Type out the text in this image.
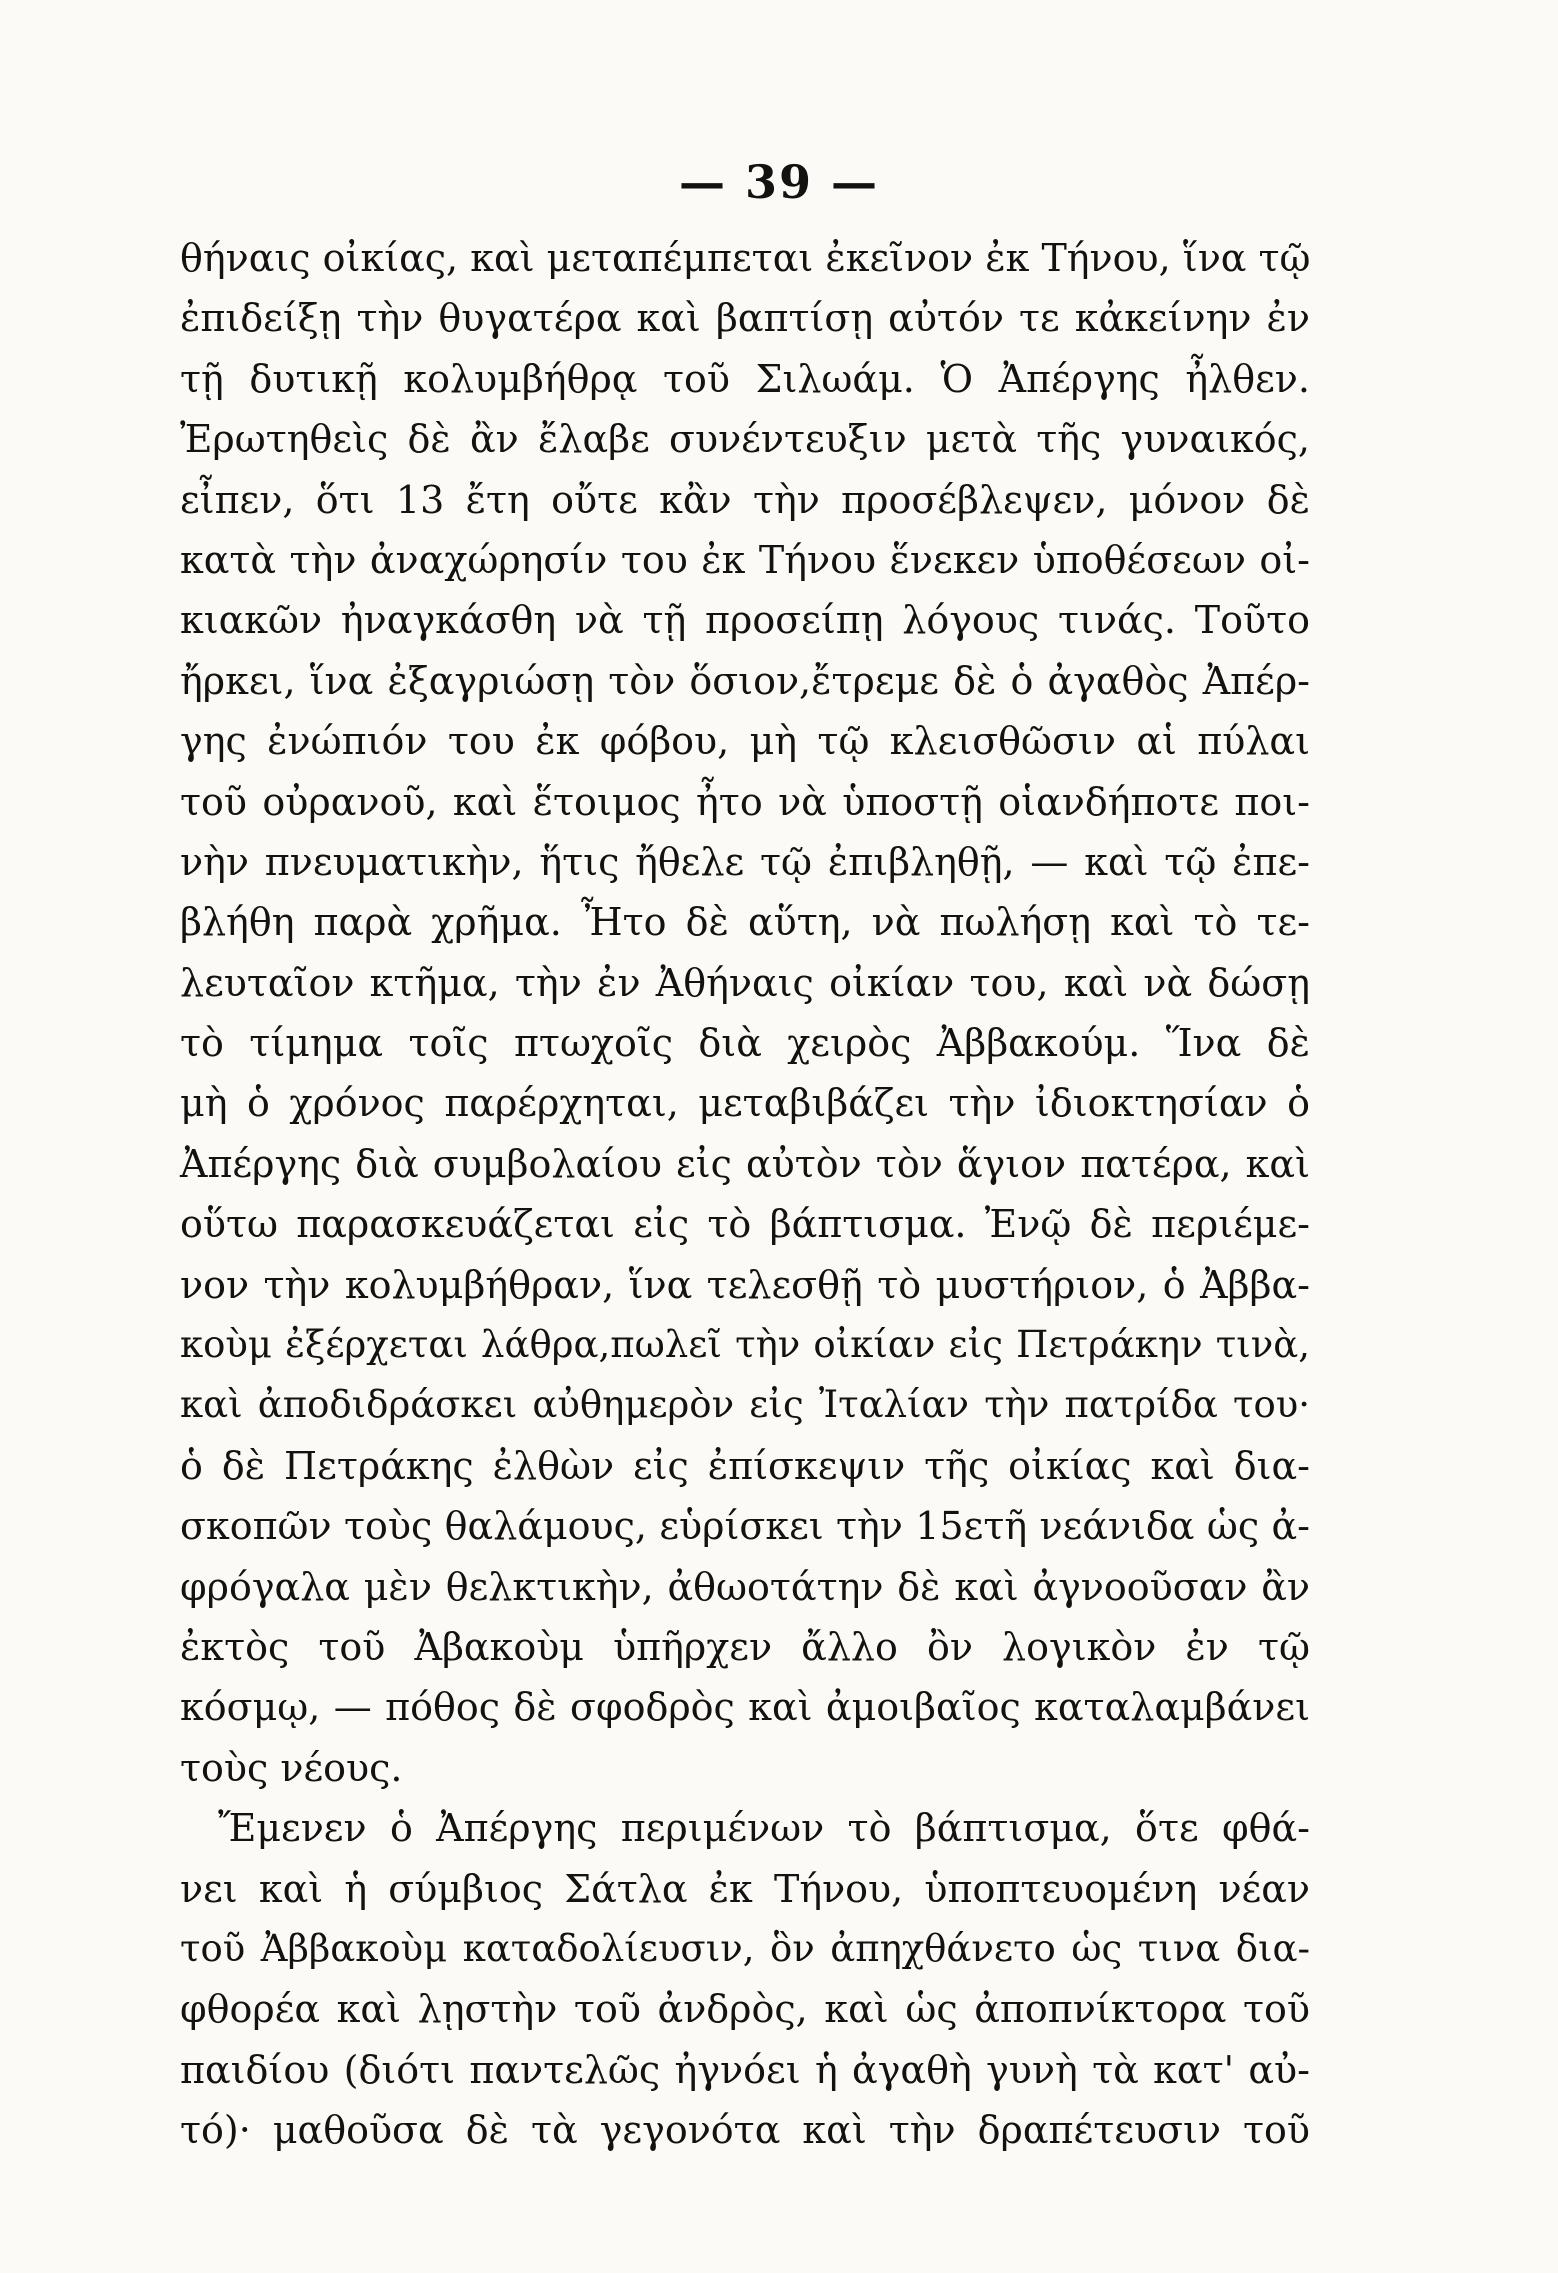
— 39 —
θήναις οἰκίας, καὶ μεταπέμπεται ἐκεῖνον ἐκ Τήνου, ἵνα τῷ
ἐπιδείξῃ τὴν θυγατέρα καὶ βαπτίσῃ αὐτόν τε κἀκείνην ἐν
τῇ δυτικῇ κολυμβήθρᾳ τοῦ Σιλωάμ. Ὁ Ἀπέργης ἦλθεν.
Ἐρωτηθεὶς δὲ ἂν ἔλαβε συνέντευξιν μετὰ τῆς γυναικός,
εἶπεν, ὅτι 13 ἔτη οὔτε κἂν τὴν προσέβλεψεν, μόνον δὲ
κατὰ τὴν ἀναχώρησίν του ἐκ Τήνου ἕνεκεν ὑποθέσεων οἰ-
κιακῶν ἠναγκάσθη νὰ τῇ προσείπῃ λόγους τινάς. Τοῦτο
ἤρκει, ἵνα ἐξαγριώσῃ τὸν ὅσιον,ἔτρεμε δὲ ὁ ἀγαθὸς Ἀπέρ-
γης ἐνώπιόν του ἐκ φόβου, μὴ τῷ κλεισθῶσιν αἱ πύλαι
τοῦ οὐρανοῦ, καὶ ἕτοιμος ἦτο νὰ ὑποστῇ οἱανδήποτε ποι-
νὴν πνευματικὴν, ἥτις ἤθελε τῷ ἐπιβληθῇ, — καὶ τῷ ἐπε-
βλήθη παρὰ χρῆμα. Ἦτο δὲ αὕτη, νὰ πωλήσῃ καὶ τὸ τε-
λευταῖον κτῆμα, τὴν ἐν Ἀθήναις οἰκίαν του, καὶ νὰ δώσῃ
τὸ τίμημα τοῖς πτωχοῖς διὰ χειρὸς Ἀββακούμ. Ἵνα δὲ
μὴ ὁ χρόνος παρέρχηται, μεταβιβάζει τὴν ἰδιοκτησίαν ὁ
Ἀπέργης διὰ συμβολαίου εἰς αὐτὸν τὸν ἅγιον πατέρα, καὶ
οὕτω παρασκευάζεται εἰς τὸ βάπτισμα. Ἐνῷ δὲ περιέμε-
νον τὴν κολυμβήθραν, ἵνα τελεσθῇ τὸ μυστήριον, ὁ Ἀββα-
κοὺμ ἐξέρχεται λάθρα,πωλεῖ τὴν οἰκίαν εἰς Πετράκην τινὰ,
καὶ ἀποδιδράσκει αὐθημερὸν εἰς Ἰταλίαν τὴν πατρίδα του·
ὁ δὲ Πετράκης ἐλθὼν εἰς ἐπίσκεψιν τῆς οἰκίας καὶ δια-
σκοπῶν τοὺς θαλάμους, εὑρίσκει τὴν 15ετῆ νεάνιδα ὡς ἀ-
φρόγαλα μὲν θελκτικὴν, ἀθωοτάτην δὲ καὶ ἀγνοοῦσαν ἂν
ἐκτὸς τοῦ Ἀβακοὺμ ὑπῆρχεν ἄλλο ὂν λογικὸν ἐν τῷ
κόσμῳ, — πόθος δὲ σφοδρὸς καὶ ἀμοιβαῖος καταλαμβάνει
τοὺς νέους.
Ἔμενεν ὁ Ἀπέργης περιμένων τὸ βάπτισμα, ὅτε φθά-
νει καὶ ἡ σύμβιος Σάτλα ἐκ Τήνου, ὑποπτευομένη νέαν
τοῦ Ἀββακοὺμ καταδολίευσιν, ὃν ἀπηχθάνετο ὡς τινα δια-
φθορέα καὶ λῃστὴν τοῦ ἀνδρὸς, καὶ ὡς ἀποπνίκτορα τοῦ
παιδίου (διότι παντελῶς ἠγνόει ἡ ἀγαθὴ γυνὴ τὰ κατ' αὐ-
τό)· μαθοῦσα δὲ τὰ γεγονότα καὶ τὴν δραπέτευσιν τοῦ
